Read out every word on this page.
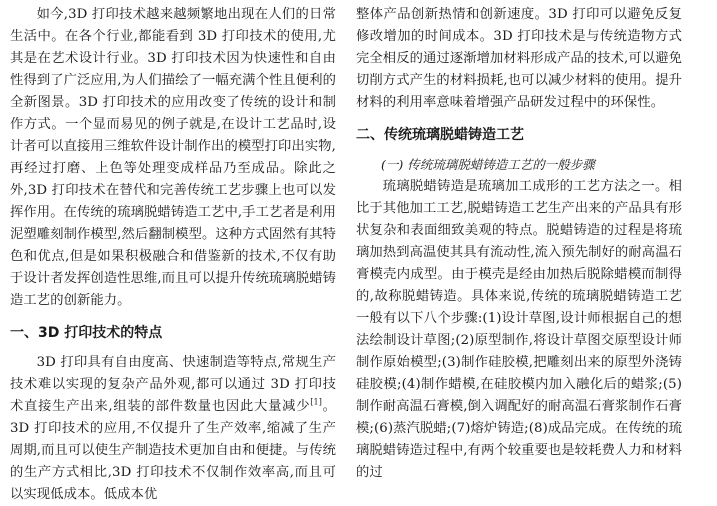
如今,3D 打印技术越来越频繁地出现在人们的日常生活中。在各个行业,都能看到 3D 打印技术的使用,尤其是在艺术设计行业。3D 打印技术因为快速性和自由性得到了广泛应用,为人们描绘了一幅充满个性且便利的全新图景。3D 打印技术的应用改变了传统的设计和制作方式。一个显而易见的例子就是,在设计工艺品时,设计者可以直接用三维软件设计制作出的模型打印出实物,再经过打磨、上色等处理变成样品乃至成品。除此之外,3D 打印技术在替代和完善传统工艺步骤上也可以发挥作用。在传统的琉璃脱蜡铸造工艺中,手工艺者是利用泥塑雕刻制作模型,然后翻制模型。这种方式固然有其特色和优点,但是如果积极融合和借鉴新的技术,不仅有助于设计者发挥创造性思维,而且可以提升传统琉璃脱蜡铸造工艺的创新能力。

一、3D 打印技术的特点

3D 打印具有自由度高、快速制造等特点,常规生产技术难以实现的复杂产品外观,都可以通过 3D 打印技术直接生产出来,组装的部件数量也因此大量减少[1]。3D 打印技术的应用,不仅提升了生产效率,缩减了生产周期,而且可以使生产制造技术更加自由和便捷。与传统的生产方式相比,3D 打印技术不仅制作效率高,而且可以实现低成本。低成本优

整体产品创新热情和创新速度。3D 打印可以避免反复修改增加的时间成本。3D 打印技术是与传统造物方式完全相反的通过逐渐增加材料形成产品的技术,可以避免切削方式产生的材料损耗,也可以减少材料的使用。提升材料的利用率意味着增强产品研发过程中的环保性。

二、传统琉璃脱蜡铸造工艺
(一) 传统琉璃脱蜡铸造工艺的一般步骤

琉璃脱蜡铸造是琉璃加工成形的工艺方法之一。相比于其他加工工艺,脱蜡铸造工艺生产出来的产品具有形状复杂和表面细致美观的特点。脱蜡铸造的过程是将琉璃加热到高温使其具有流动性,流入预先制好的耐高温石膏模壳内成型。由于模壳是经由加热后脱除蜡模而制得的,故称脱蜡铸造。具体来说,传统的琉璃脱蜡铸造工艺一般有以下八个步骤:(1)设计草图,设计师根据自己的想法绘制设计草图;(2)原型制作,将设计草图交原型设计师制作原始模型;(3)制作硅胶模,把雕刻出来的原型外浇铸硅胶模;(4)制作蜡模,在硅胶模内加入融化后的蜡浆;(5)制作耐高温石膏模,倒入调配好的耐高温石膏浆制作石膏模;(6)蒸汽脱蜡;(7)熔炉铸造;(8)成品完成。在传统的琉璃脱蜡铸造过程中,有两个较重要也是较耗费人力和材料的过
